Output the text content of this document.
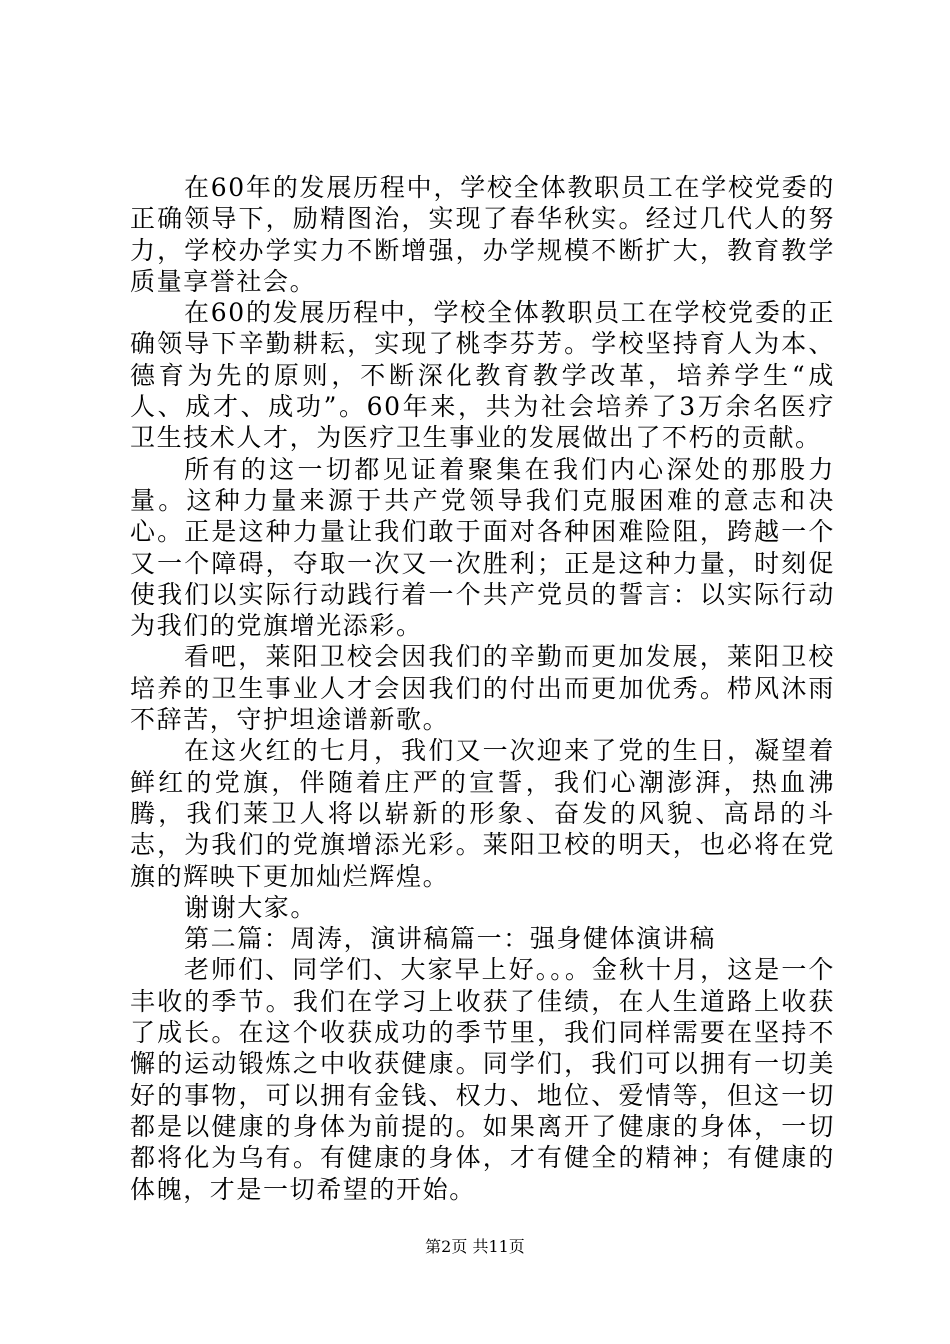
在60年的发展历程中，学校全体教职员工在学校党委的正确领导下，励精图治，实现了春华秋实。经过几代人的努力，学校办学实力不断增强，办学规模不断扩大，教育教学质量享誉社会。

在60的发展历程中，学校全体教职员工在学校党委的正确领导下辛勤耕耘，实现了桃李芬芳。学校坚持育人为本、德育为先的原则，不断深化教育教学改革，培养学生“成人、成才、成功”。60年来，共为社会培养了3万余名医疗卫生技术人才，为医疗卫生事业的发展做出了不朽的贡献。

所有的这一切都见证着聚集在我们内心深处的那股力量。这种力量来源于共产党领导我们克服困难的意志和决心。正是这种力量让我们敢于面对各种困难险阻，跨越一个又一个障碍，夺取一次又一次胜利；正是这种力量，时刻促使我们以实际行动践行着一个共产党员的誓言：以实际行动为我们的党旗增光添彩。

看吧，莱阳卫校会因我们的辛勤而更加发展，莱阳卫校培养的卫生事业人才会因我们的付出而更加优秀。栉风沐雨不辞苦，守护坦途谱新歌。

在这火红的七月，我们又一次迎来了党的生日，凝望着鲜红的党旗，伴随着庄严的宣誓，我们心潮澎湃，热血沸腾，我们莱卫人将以崭新的形象、奋发的风貌、高昂的斗志，为我们的党旗增添光彩。莱阳卫校的明天，也必将在党旗的辉映下更加灿烂辉煌。

谢谢大家。

第二篇：周涛，演讲稿篇一：强身健体演讲稿

老师们、同学们、大家早上好。。。金秋十月，这是一个丰收的季节。我们在学习上收获了佳绩，在人生道路上收获了成长。在这个收获成功的季节里，我们同样需要在坚持不懈的运动锻炼之中收获健康。同学们，我们可以拥有一切美好的事物，可以拥有金钱、权力、地位、爱情等，但这一切都是以健康的身体为前提的。如果离开了健康的身体，一切都将化为乌有。有健康的身体，才有健全的精神；有健康的体魄，才是一切希望的开始。

第2页 共11页
